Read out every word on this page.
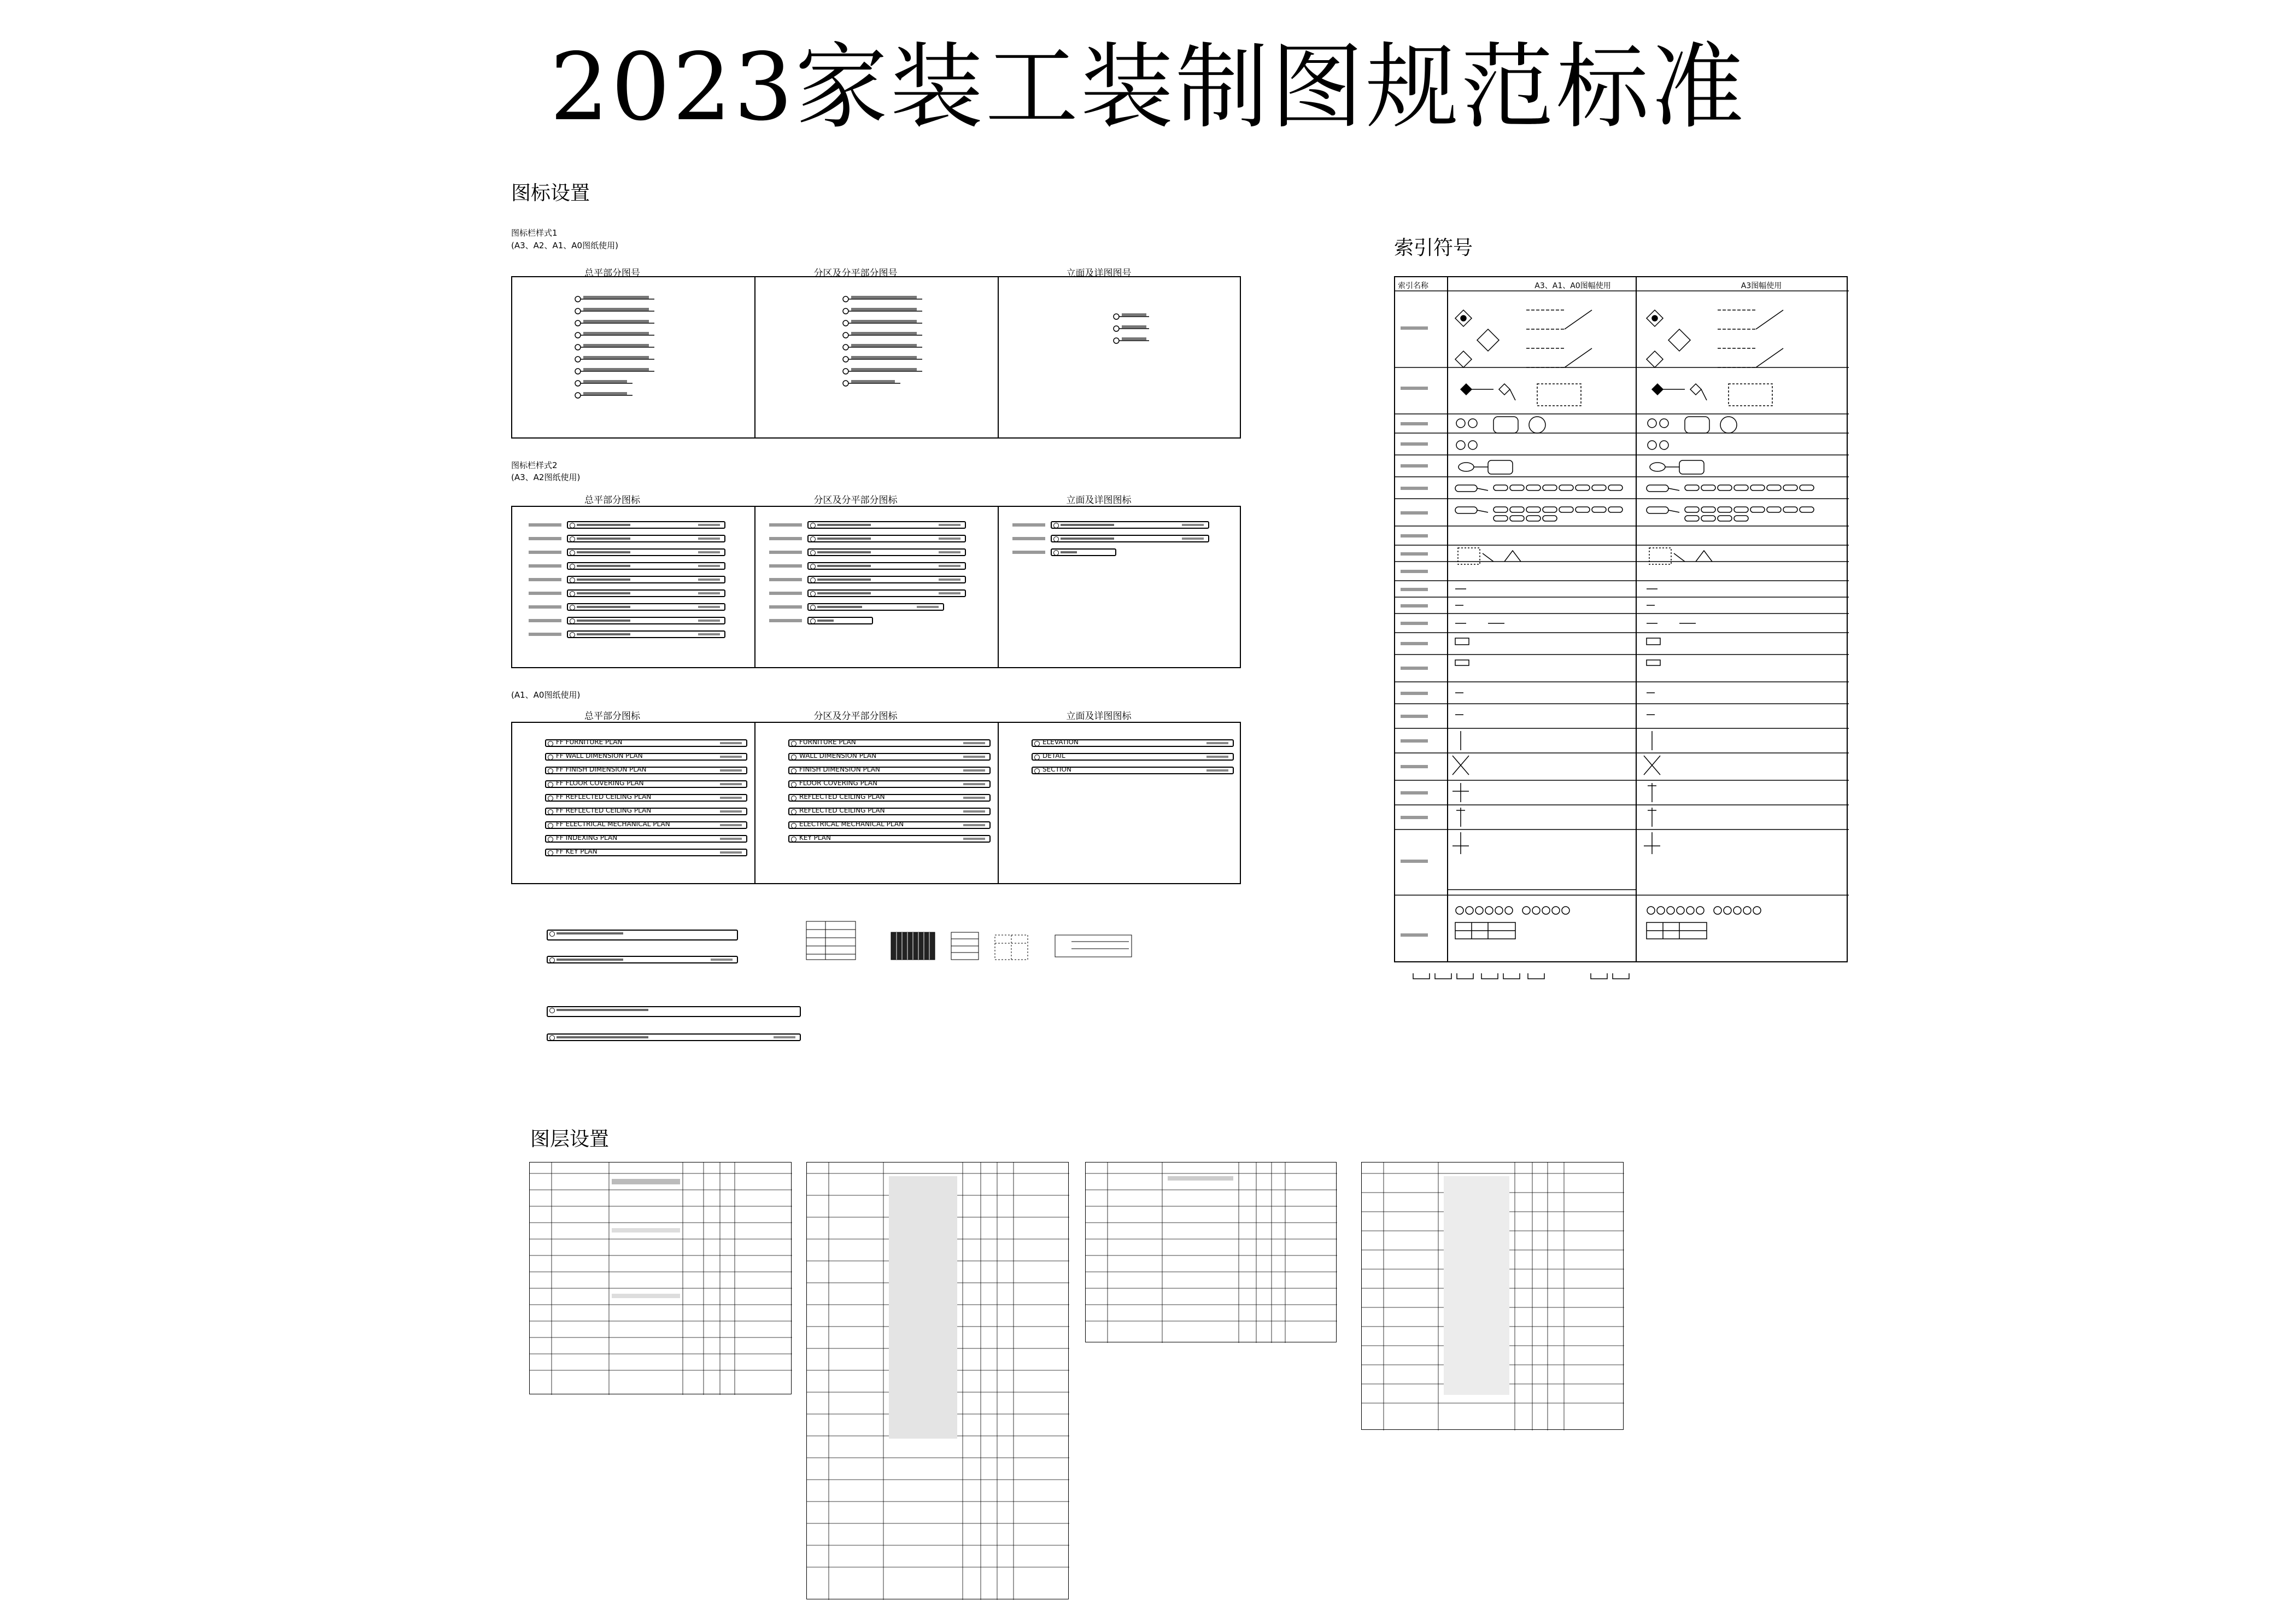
2023家装工装制图规范标准
图标设置
索引符号
图层设置
图标栏样式1
(A3、A2、A1、A0图纸使用)
总平部分图号	分区及分平部分图号	立面及详图图号
图标栏样式2
(A3、A2图纸使用)
总平部分图标	分区及分平部分图标	立面及详图图标
(A1、A0图纸使用)
总平部分图标	分区及分平部分图标	立面及详图图标
FF FURNITURE PLAN
FF WALL DIMENSION PLAN
FF FINISH DIMENSION PLAN
FF FLOOR COVERING PLAN
FF REFLECTED CEILING PLAN
FF REFLECTED CEILING PLAN
FF ELECTRICAL MECHANICAL PLAN
FF INDEXING PLAN
FF KEY PLAN
FURNITURE PLAN
WALL DIMENSION PLAN
FINISH DIMENSION PLAN
FLOOR COVERING PLAN
REFLECTED CEILING PLAN
REFLECTED CEILING PLAN
ELECTRICAL MECHANICAL PLAN
KEY PLAN
ELEVATION
DETAIL
SECTION
索引名称	A3、A1、A0图幅使用	A3图幅使用
